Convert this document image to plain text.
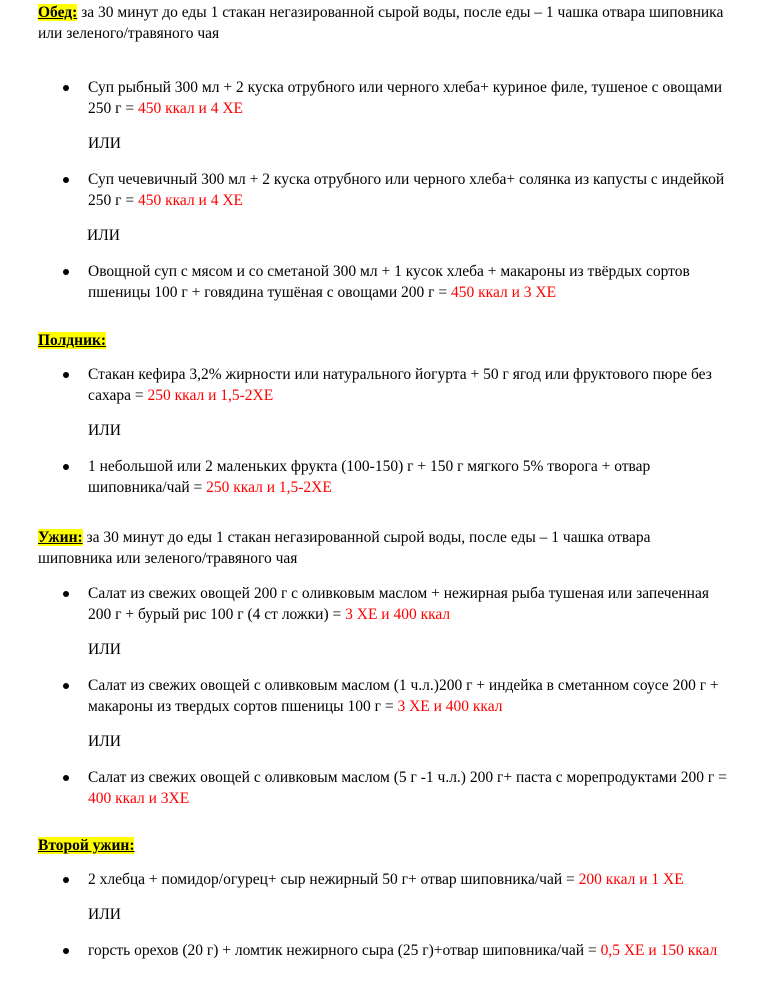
Обед: за 30 минут до еды 1 стакан негазированной сырой воды, после еды – 1 чашка отвара шиповника или зеленого/травяного чая

Суп рыбный 300 мл + 2 куска отрубного или черного хлеба+ куриное филе, тушеное с овощами 250 г = 450 ккал и 4 ХЕ
ИЛИ
Суп чечевичный 300 мл + 2 куска отрубного или черного хлеба+ солянка из капусты с индейкой 250 г = 450 ккал и 4 ХЕ
ИЛИ
Овощной суп с мясом и со сметаной 300 мл + 1 кусок хлеба + макароны из твёрдых сортов пшеницы 100 г + говядина тушёная с овощами 200 г = 450 ккал и 3 ХЕ

Полдник:

Стакан кефира 3,2% жирности или натурального йогурта + 50 г ягод или фруктового пюре без сахара = 250 ккал и 1,5-2ХЕ
ИЛИ
1 небольшой или 2 маленьких фрукта (100-150) г + 150 г мягкого 5% творога + отвар шиповника/чай = 250 ккал и 1,5-2ХЕ

Ужин: за 30 минут до еды 1 стакан негазированной сырой воды, после еды – 1 чашка отвара шиповника или зеленого/травяного чая

Салат из свежих овощей 200 г с оливковым маслом + нежирная рыба тушеная или запеченная 200 г + бурый рис 100 г (4 ст ложки) = 3 ХЕ и 400 ккал
ИЛИ
Салат из свежих овощей с оливковым маслом (1 ч.л.)200 г + индейка в сметанном соусе 200 г + макароны из твердых сортов пшеницы 100 г = 3 ХЕ и 400 ккал
ИЛИ
Салат из свежих овощей с оливковым маслом (5 г -1 ч.л.) 200 г+ паста с морепродуктами 200 г = 400 ккал и 3ХЕ

Второй ужин:

2 хлебца + помидор/огурец+ сыр нежирный 50 г+ отвар шиповника/чай = 200 ккал и 1 ХЕ
ИЛИ
горсть орехов (20 г) + ломтик нежирного сыра (25 г)+отвар шиповника/чай = 0,5 ХЕ и 150 ккал
